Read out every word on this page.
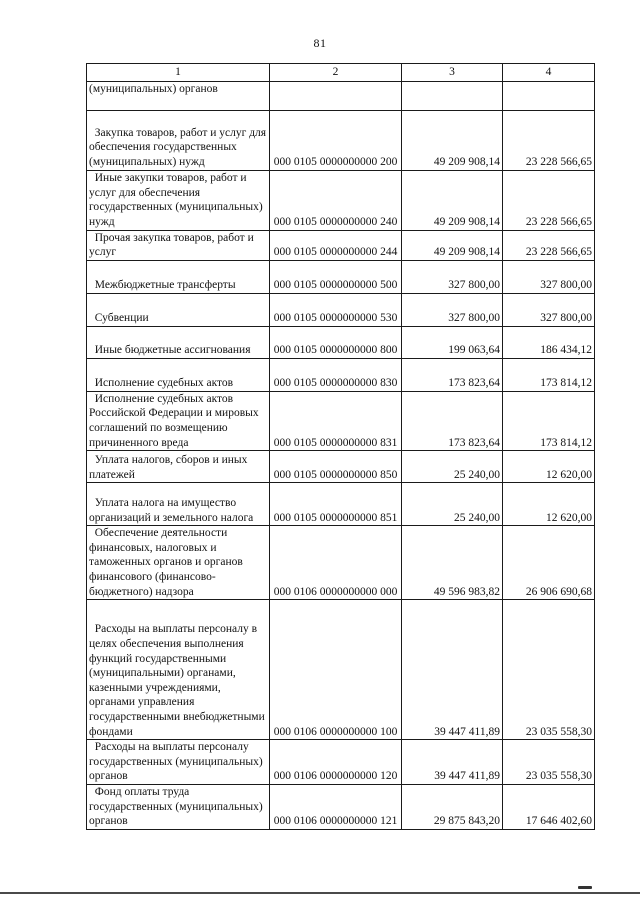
81
1	2	3	4
(муниципальных) органов			
Закупка товаров, работ и услуг для обеспечения государственных (муниципальных) нужд	000 0105 0000000000 200	49 209 908,14	23 228 566,65
Иные закупки товаров, работ и услуг для обеспечения государственных (муниципальных) нужд	000 0105 0000000000 240	49 209 908,14	23 228 566,65
Прочая закупка товаров, работ и услуг	000 0105 0000000000 244	49 209 908,14	23 228 566,65
Межбюджетные трансферты	000 0105 0000000000 500	327 800,00	327 800,00
Субвенции	000 0105 0000000000 530	327 800,00	327 800,00
Иные бюджетные ассигнования	000 0105 0000000000 800	199 063,64	186 434,12
Исполнение судебных актов	000 0105 0000000000 830	173 823,64	173 814,12
Исполнение судебных актов Российской Федерации и мировых соглашений по возмещению причиненного вреда	000 0105 0000000000 831	173 823,64	173 814,12
Уплата налогов, сборов и иных платежей	000 0105 0000000000 850	25 240,00	12 620,00
Уплата налога на имущество организаций и земельного налога	000 0105 0000000000 851	25 240,00	12 620,00
Обеспечение деятельности финансовых, налоговых и таможенных органов и органов финансового (финансово-бюджетного) надзора	000 0106 0000000000 000	49 596 983,82	26 906 690,68
Расходы на выплаты персоналу в целях обеспечения выполнения функций государственными (муниципальными) органами, казенными учреждениями, органами управления государственными внебюджетными фондами	000 0106 0000000000 100	39 447 411,89	23 035 558,30
Расходы на выплаты персоналу государственных (муниципальных) органов	000 0106 0000000000 120	39 447 411,89	23 035 558,30
Фонд оплаты труда государственных (муниципальных) органов	000 0106 0000000000 121	29 875 843,20	17 646 402,60
